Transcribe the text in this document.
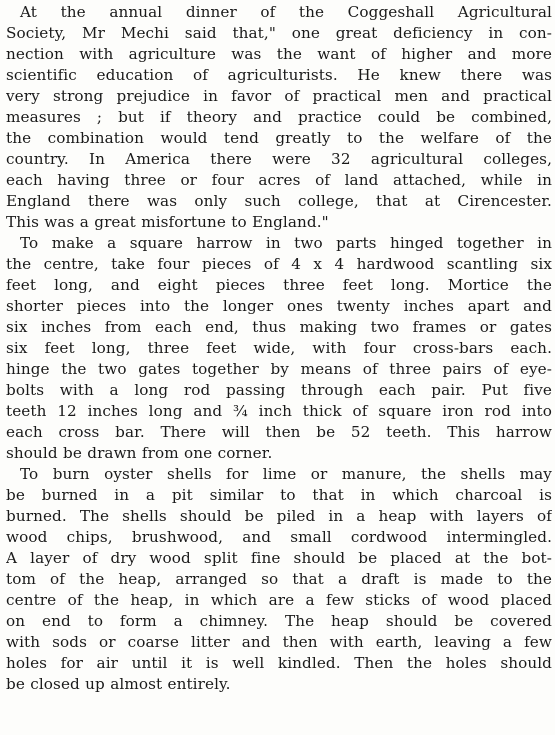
At the annual dinner of the Coggeshall Agricultural
Society, Mr Mechi said that," one great deficiency in con-
nection with agriculture was the want of higher and more
scientific education of agriculturists. He knew there was
very strong prejudice in favor of practical men and practical
measures ; but if theory and practice could be combined,
the combination would tend greatly to the welfare of the
country. In America there were 32 agricultural colleges,
each having three or four acres of land attached, while in
England there was only such college, that at Cirencester.
This was a great misfortune to England."
To make a square harrow in two parts hinged together in
the centre, take four pieces of 4 x 4 hardwood scantling six
feet long, and eight pieces three feet long. Mortice the
shorter pieces into the longer ones twenty inches apart and
six inches from each end, thus making two frames or gates
six feet long, three feet wide, with four cross-bars each.
hinge the two gates together by means of three pairs of eye-
bolts with a long rod passing through each pair. Put five
teeth 12 inches long and ¾ inch thick of square iron rod into
each cross bar. There will then be 52 teeth. This harrow
should be drawn from one corner.
To burn oyster shells for lime or manure, the shells may
be burned in a pit similar to that in which charcoal is
burned. The shells should be piled in a heap with layers of
wood chips, brushwood, and small cordwood intermingled.
A layer of dry wood split fine should be placed at the bot-
tom of the heap, arranged so that a draft is made to the
centre of the heap, in which are a few sticks of wood placed
on end to form a chimney. The heap should be covered
with sods or coarse litter and then with earth, leaving a few
holes for air until it is well kindled. Then the holes should
be closed up almost entirely.
